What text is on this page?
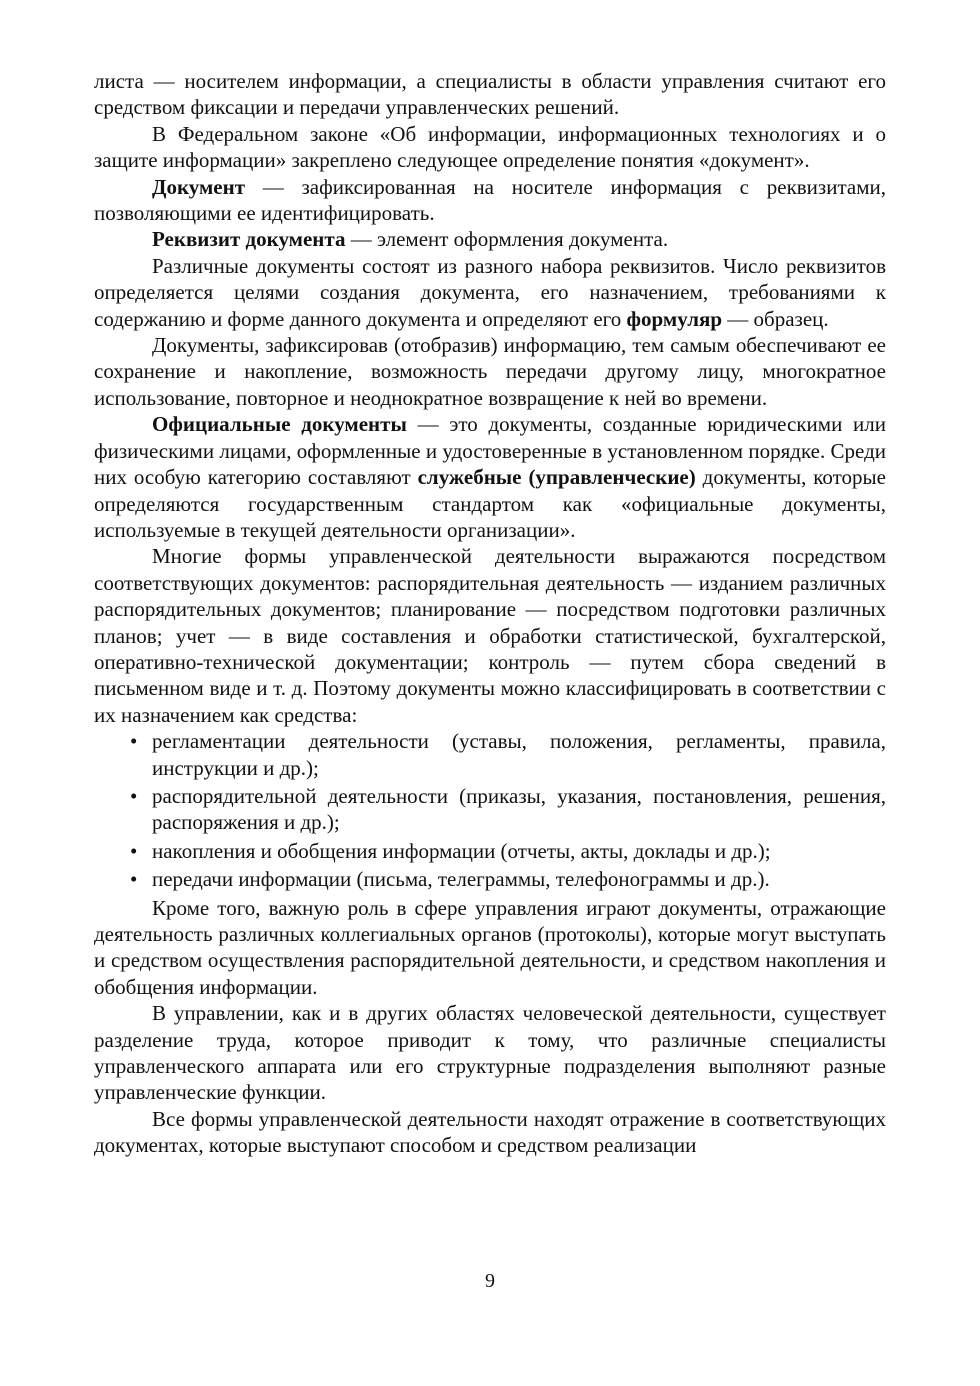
листа — носителем информации, а специалисты в области управления считают его средством фиксации и передачи управленческих решений.

В Федеральном законе «Об информации, информационных технологиях и о защите информации» закреплено следующее определение понятия «документ».

Документ — зафиксированная на носителе информация с реквизитами, позволяющими ее идентифицировать.

Реквизит документа — элемент оформления документа.

Различные документы состоят из разного набора реквизитов. Число реквизитов определяется целями создания документа, его назначением, требованиями к содержанию и форме данного документа и определяют его формуляр — образец.

Документы, зафиксировав (отобразив) информацию, тем самым обеспечивают ее сохранение и накопление, возможность передачи другому лицу, многократное использование, повторное и неоднократное возвращение к ней во времени.

Официальные документы — это документы, созданные юридическими или физическими лицами, оформленные и удостоверенные в установленном порядке. Среди них особую категорию составляют служебные (управленческие) документы, которые определяются государственным стандартом как «официальные документы, используемые в текущей деятельности организации».

Многие формы управленческой деятельности выражаются посредством соответствующих документов: распорядительная деятельность — изданием различных распорядительных документов; планирование — посредством подготовки различных планов; учет — в виде составления и обработки статистической, бухгалтерской, оперативно-технической документации; контроль — путем сбора сведений в письменном виде и т. д. Поэтому документы можно классифицировать в соответствии с их назначением как средства:

• регламентации деятельности (уставы, положения, регламенты, правила, инструкции и др.);
• распорядительной деятельности (приказы, указания, постановления, решения, распоряжения и др.);
• накопления и обобщения информации (отчеты, акты, доклады и др.);
• передачи информации (письма, телеграммы, телефонограммы и др.).

Кроме того, важную роль в сфере управления играют документы, отражающие деятельность различных коллегиальных органов (протоколы), которые могут выступать и средством осуществления распорядительной деятельности, и средством накопления и обобщения информации.

В управлении, как и в других областях человеческой деятельности, существует разделение труда, которое приводит к тому, что различные специалисты управленческого аппарата или его структурные подразделения выполняют разные управленческие функции.

Все формы управленческой деятельности находят отражение в соответствующих документах, которые выступают способом и средством реализации

9
